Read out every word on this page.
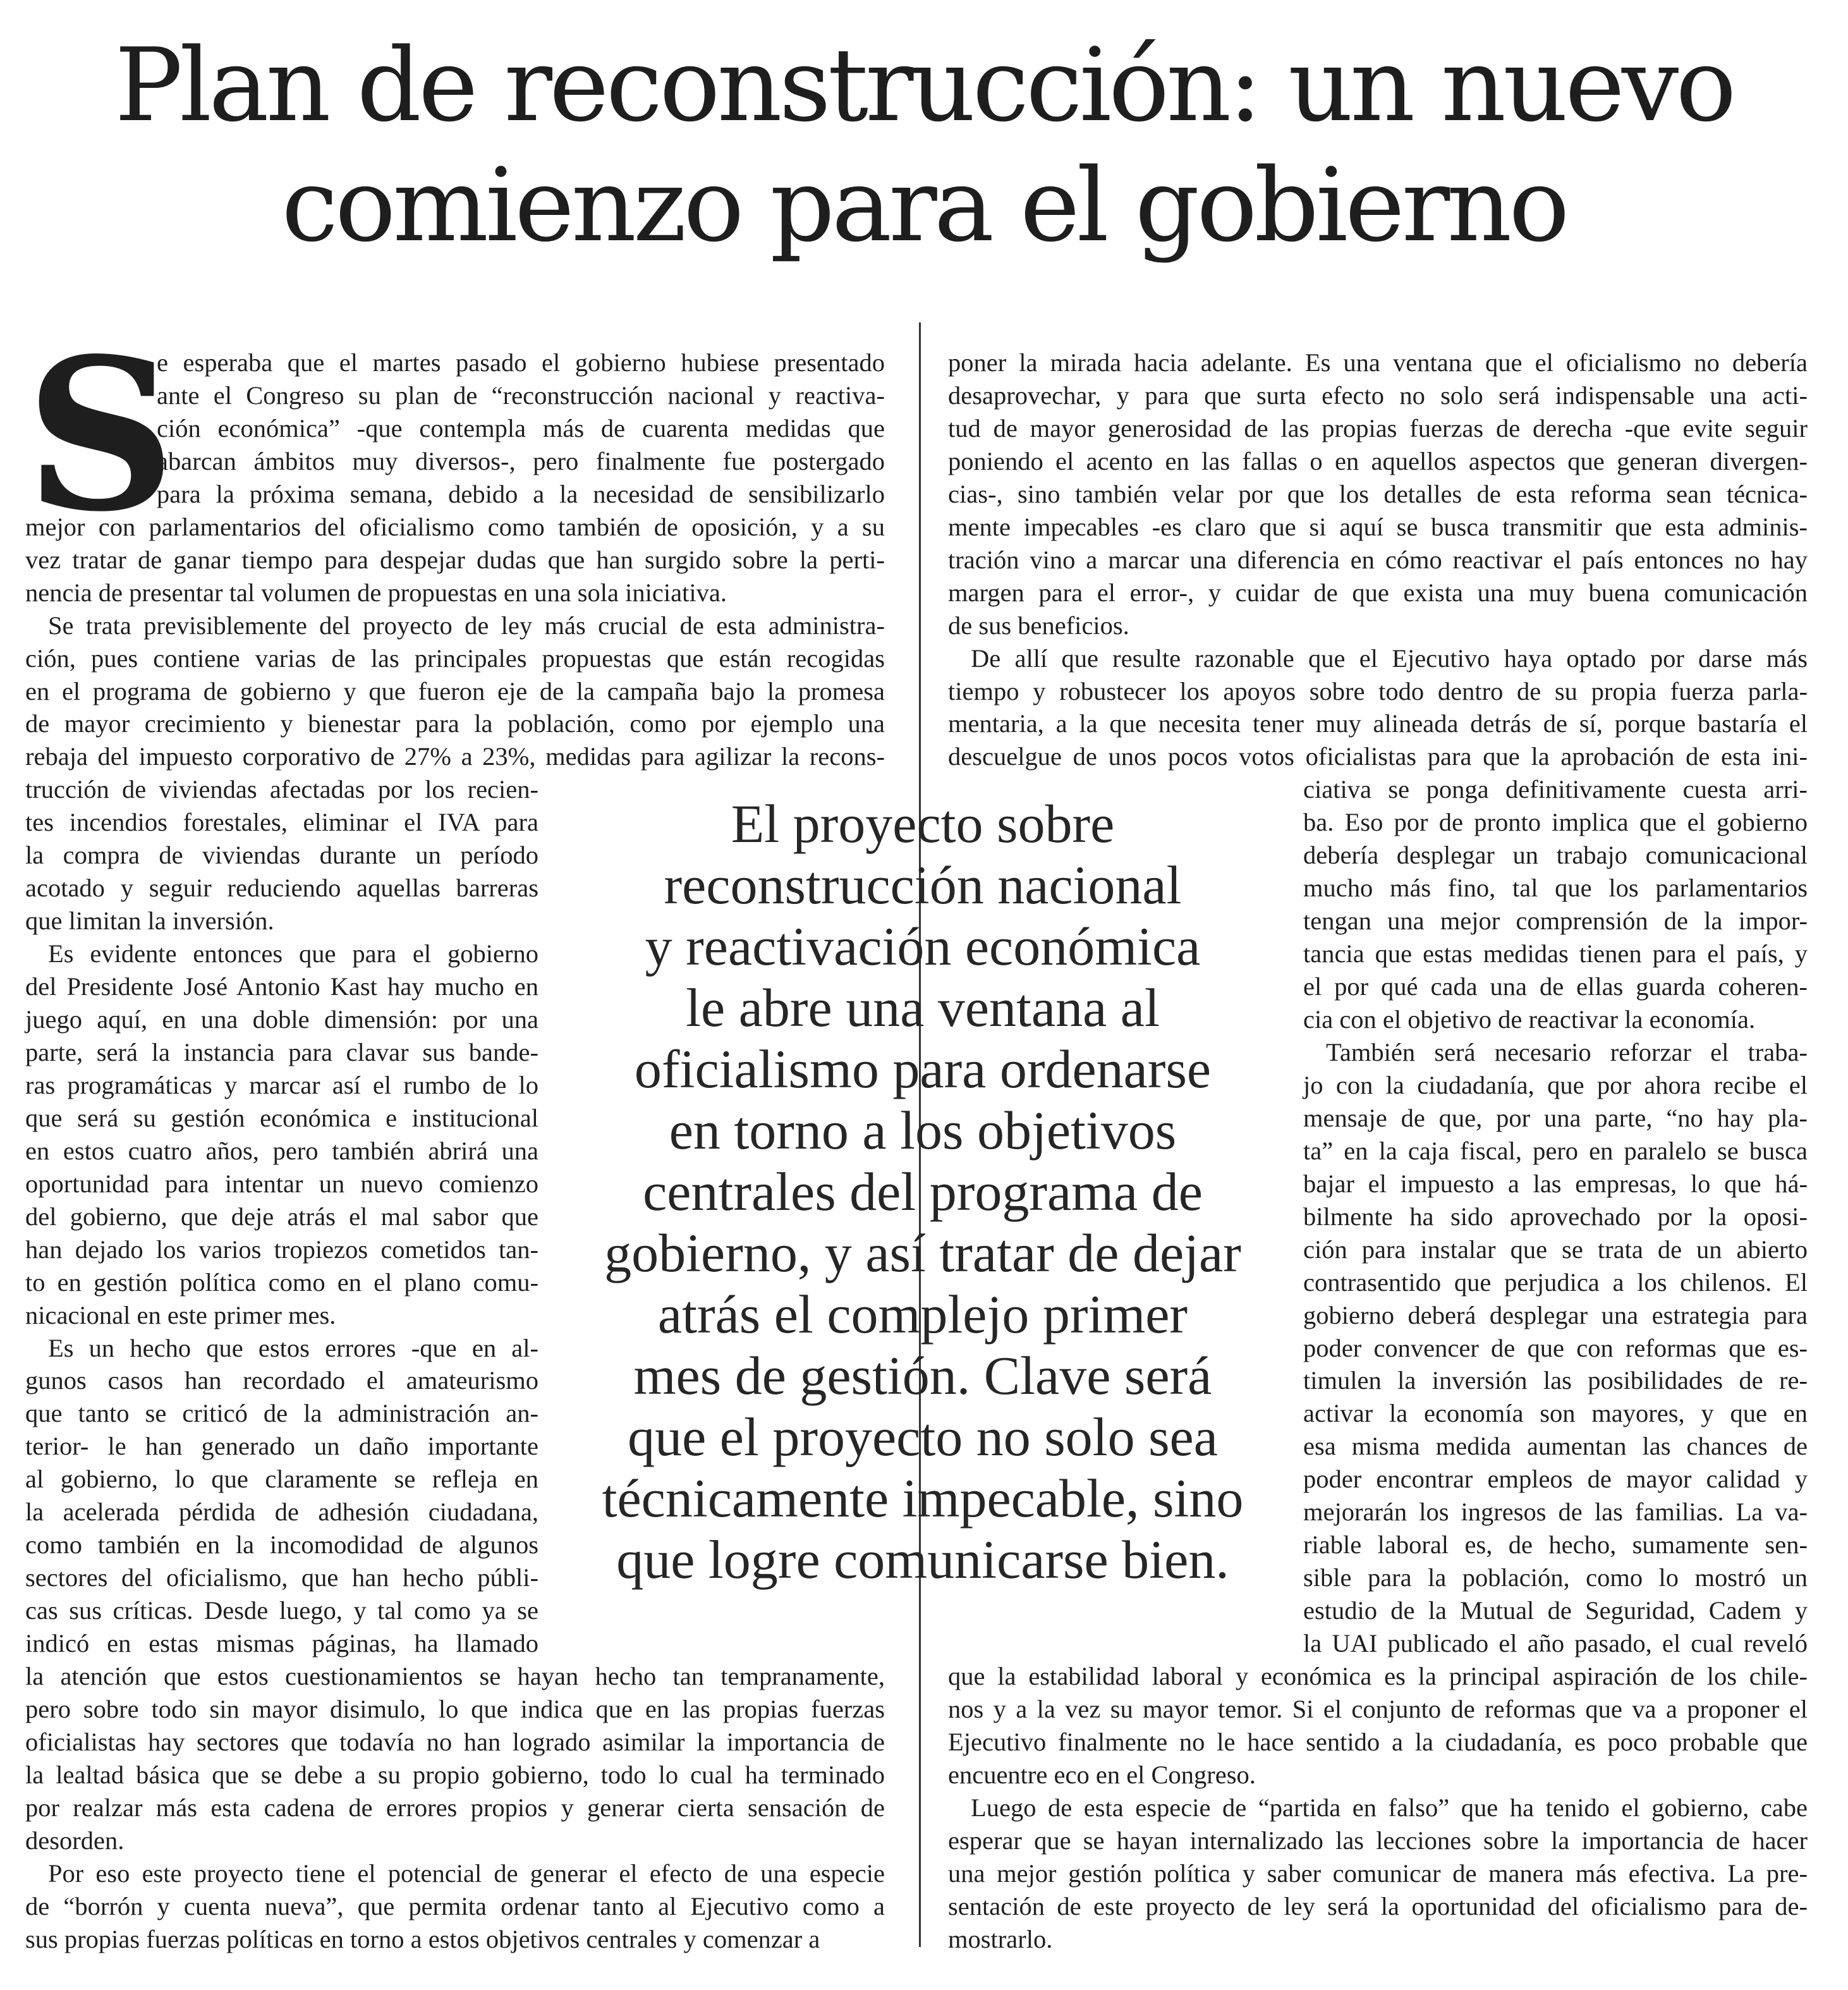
Plan de reconstrucción: un nuevo
comienzo para el gobierno
S

e esperaba que el martes pasado el gobierno hubiese presentado

ante el Congreso su plan de “reconstrucción nacional y reactiva-

ción económica” -que contempla más de cuarenta medidas que

abarcan ámbitos muy diversos-, pero finalmente fue postergado

para la próxima semana, debido a la necesidad de sensibilizarlo

mejor con parlamentarios del oficialismo como también de oposición, y a su

vez tratar de ganar tiempo para despejar dudas que han surgido sobre la perti-

nencia de presentar tal volumen de propuestas en una sola iniciativa.

Se trata previsiblemente del proyecto de ley más crucial de esta administra-

ción, pues contiene varias de las principales propuestas que están recogidas

en el programa de gobierno y que fueron eje de la campaña bajo la promesa

de mayor crecimiento y bienestar para la población, como por ejemplo una

rebaja del impuesto corporativo de 27% a 23%, medidas para agilizar la recons-

trucción de viviendas afectadas por los recien-

tes incendios forestales, eliminar el IVA para

la compra de viviendas durante un período

acotado y seguir reduciendo aquellas barreras

que limitan la inversión.

Es evidente entonces que para el gobierno

del Presidente José Antonio Kast hay mucho en

juego aquí, en una doble dimensión: por una

parte, será la instancia para clavar sus bande-

ras programáticas y marcar así el rumbo de lo

que será su gestión económica e institucional

en estos cuatro años, pero también abrirá una

oportunidad para intentar un nuevo comienzo

del gobierno, que deje atrás el mal sabor que

han dejado los varios tropiezos cometidos tan-

to en gestión política como en el plano comu-

nicacional en este primer mes.

Es un hecho que estos errores -que en al-

gunos casos han recordado el amateurismo

que tanto se criticó de la administración an-

terior- le han generado un daño importante

al gobierno, lo que claramente se refleja en

la acelerada pérdida de adhesión ciudadana,

como también en la incomodidad de algunos

sectores del oficialismo, que han hecho públi-

cas sus críticas. Desde luego, y tal como ya se

indicó en estas mismas páginas, ha llamado

la atención que estos cuestionamientos se hayan hecho tan tempranamente,

pero sobre todo sin mayor disimulo, lo que indica que en las propias fuerzas

oficialistas hay sectores que todavía no han logrado asimilar la importancia de

la lealtad básica que se debe a su propio gobierno, todo lo cual ha terminado

por realzar más esta cadena de errores propios y generar cierta sensación de

desorden.

Por eso este proyecto tiene el potencial de generar el efecto de una especie

de “borrón y cuenta nueva”, que permita ordenar tanto al Ejecutivo como a

sus propias fuerzas políticas en torno a estos objetivos centrales y comenzar a

poner la mirada hacia adelante. Es una ventana que el oficialismo no debería

desaprovechar, y para que surta efecto no solo será indispensable una acti-

tud de mayor generosidad de las propias fuerzas de derecha -que evite seguir

poniendo el acento en las fallas o en aquellos aspectos que generan divergen-

cias-, sino también velar por que los detalles de esta reforma sean técnica-

mente impecables -es claro que si aquí se busca transmitir que esta adminis-

tración vino a marcar una diferencia en cómo reactivar el país entonces no hay

margen para el error-, y cuidar de que exista una muy buena comunicación

de sus beneficios.

De allí que resulte razonable que el Ejecutivo haya optado por darse más

tiempo y robustecer los apoyos sobre todo dentro de su propia fuerza parla-

mentaria, a la que necesita tener muy alineada detrás de sí, porque bastaría el

descuelgue de unos pocos votos oficialistas para que la aprobación de esta ini-

ciativa se ponga definitivamente cuesta arri-

ba. Eso por de pronto implica que el gobierno

debería desplegar un trabajo comunicacional

mucho más fino, tal que los parlamentarios

tengan una mejor comprensión de la impor-

tancia que estas medidas tienen para el país, y

el por qué cada una de ellas guarda coheren-

cia con el objetivo de reactivar la economía.

También será necesario reforzar el traba-

jo con la ciudadanía, que por ahora recibe el

mensaje de que, por una parte, “no hay pla-

ta” en la caja fiscal, pero en paralelo se busca

bajar el impuesto a las empresas, lo que há-

bilmente ha sido aprovechado por la oposi-

ción para instalar que se trata de un abierto

contrasentido que perjudica a los chilenos. El

gobierno deberá desplegar una estrategia para

poder convencer de que con reformas que es-

timulen la inversión las posibilidades de re-

activar la economía son mayores, y que en

esa misma medida aumentan las chances de

poder encontrar empleos de mayor calidad y

mejorarán los ingresos de las familias. La va-

riable laboral es, de hecho, sumamente sen-

sible para la población, como lo mostró un

estudio de la Mutual de Seguridad, Cadem y

la UAI publicado el año pasado, el cual reveló

que la estabilidad laboral y económica es la principal aspiración de los chile-

nos y a la vez su mayor temor. Si el conjunto de reformas que va a proponer el

Ejecutivo finalmente no le hace sentido a la ciudadanía, es poco probable que

encuentre eco en el Congreso.

Luego de esta especie de “partida en falso” que ha tenido el gobierno, cabe

esperar que se hayan internalizado las lecciones sobre la importancia de hacer

una mejor gestión política y saber comunicar de manera más efectiva. La pre-

sentación de este proyecto de ley será la oportunidad del oficialismo para de-

mostrarlo.

El proyecto sobre
reconstrucción nacional
y reactivación económica
le abre una ventana al
oficialismo para ordenarse
en torno a los objetivos
centrales del programa de
gobierno, y así tratar de dejar
atrás el complejo primer
mes de gestión. Clave será
que el proyecto no solo sea
técnicamente impecable, sino
que logre comunicarse bien.
